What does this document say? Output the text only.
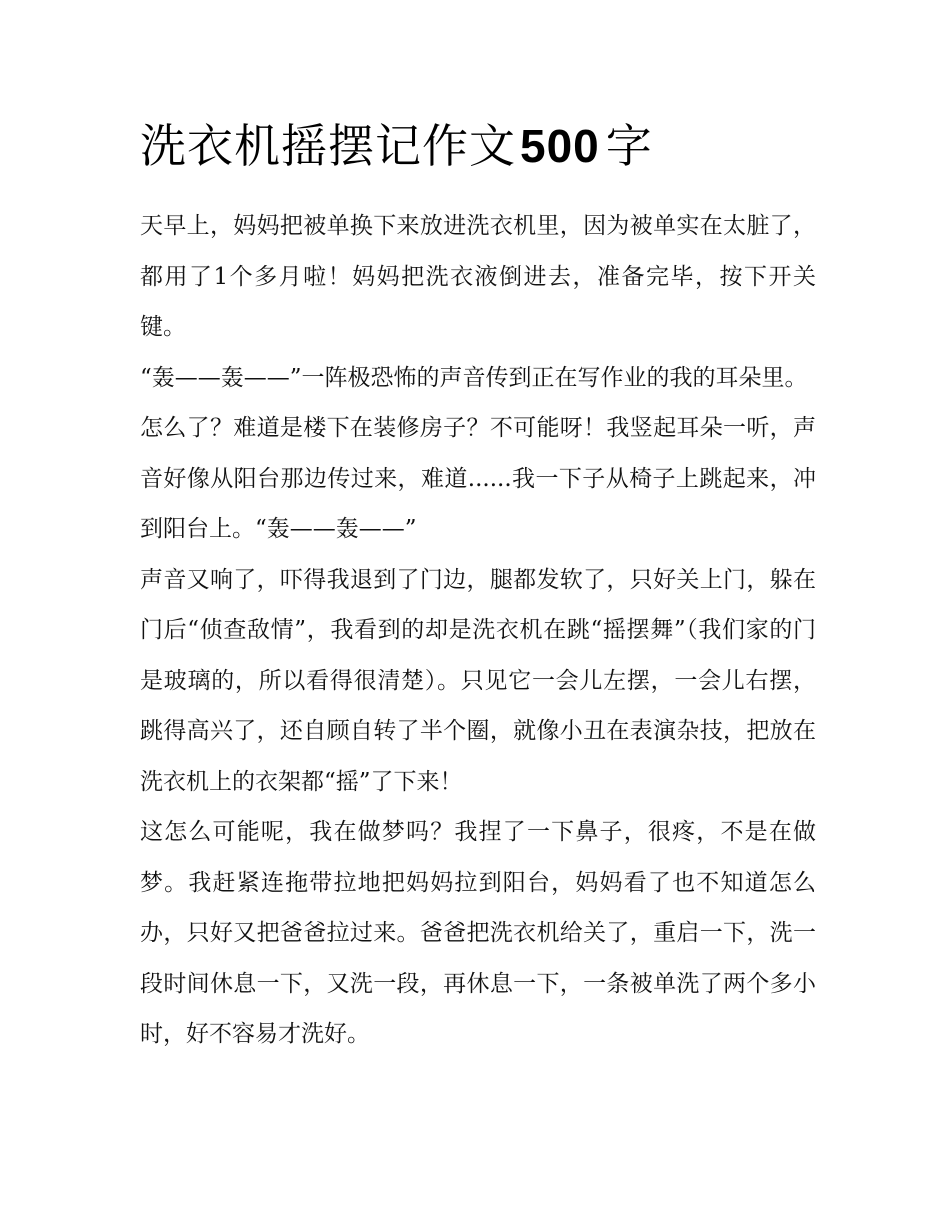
洗衣机摇摆记作文500 字

天早上，妈妈把被单换下来放进洗衣机里，因为被单实在太脏了，都用了1个多月啦！妈妈把洗衣液倒进去，准备完毕，按下开关键。

“轰——轰——”一阵极恐怖的声音传到正在写作业的我的耳朵里。

怎么了？难道是楼下在装修房子？不可能呀！我竖起耳朵一听，声音好像从阳台那边传过来，难道......我一下子从椅子上跳起来，冲到阳台上。“轰——轰——”

声音又响了，吓得我退到了门边，腿都发软了，只好关上门，躲在门后“侦查敌情”，我看到的却是洗衣机在跳“摇摆舞”（我们家的门是玻璃的，所以看得很清楚）。只见它一会儿左摆，一会儿右摆，跳得高兴了，还自顾自转了半个圈，就像小丑在表演杂技，把放在洗衣机上的衣架都“摇”了下来！

这怎么可能呢，我在做梦吗？我捏了一下鼻子，很疼，不是在做梦。我赶紧连拖带拉地把妈妈拉到阳台，妈妈看了也不知道怎么办，只好又把爸爸拉过来。爸爸把洗衣机给关了，重启一下，洗一段时间休息一下，又洗一段，再休息一下，一条被单洗了两个多小时，好不容易才洗好。
